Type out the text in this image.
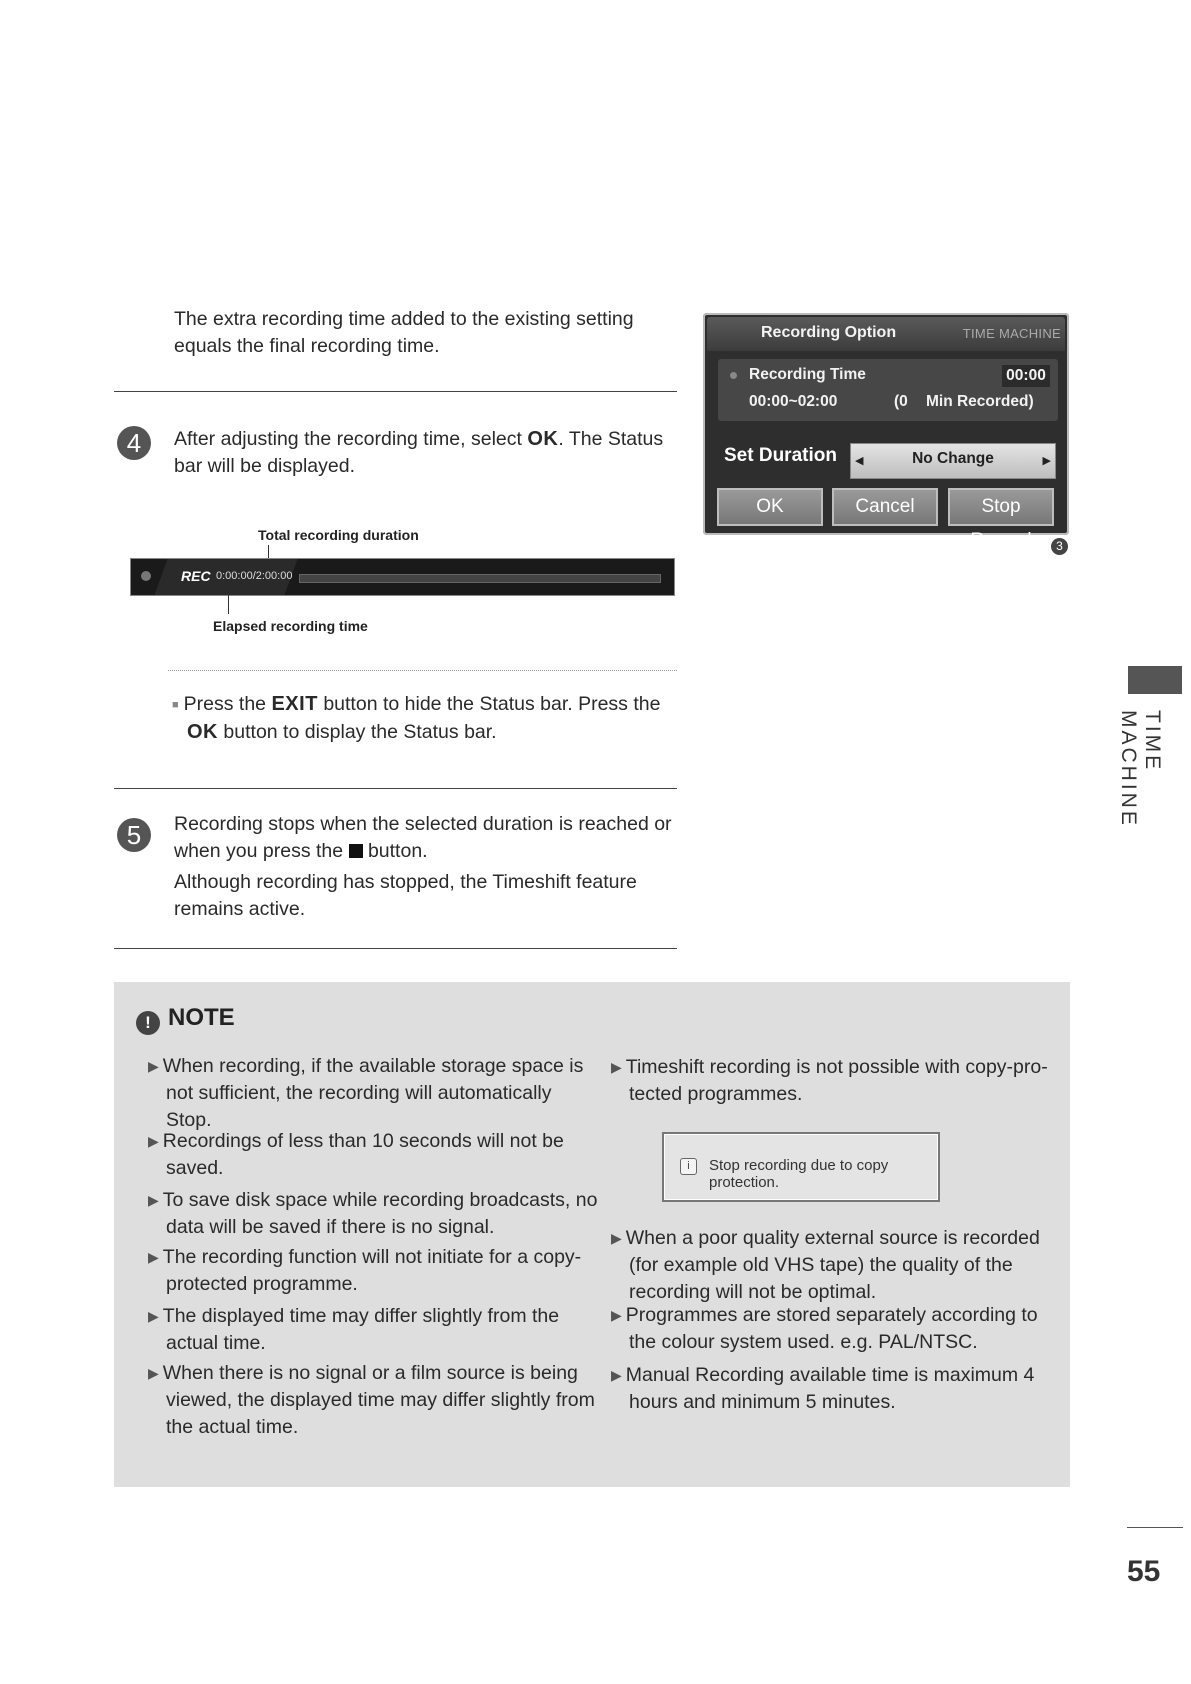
The extra recording time added to the existing setting
equals the final recording time.
4	After adjusting the recording time, select OK. The Status
bar will be displayed.
Total recording duration
REC 0:00:00/2:00:00
Elapsed recording time
■ Press the EXIT button to hide the Status bar. Press the
OK button to display the Status bar.
5	Recording stops when the selected duration is reached or
when you press the  button.
Although recording has stopped, the Timeshift feature
remains active.
Recording Option	TIME MACHINE
Recording Time	00:00
00:00~02:00	(0 Min Recorded)
Set Duration ◀	No Change	▶
OK	Cancel	Stop Record	3
TIME MACHINE
! NOTE
▶ When recording, if the available storage space is
not sufficient, the recording will automatically
Stop.
▶ Recordings of less than 10 seconds will not be
saved.
▶ To save disk space while recording broadcasts, no
data will be saved if there is no signal.
▶ The recording function will not initiate for a copy-
protected programme.
▶ The displayed time may differ slightly from the
actual time.
▶ When there is no signal or a film source is being
viewed, the displayed time may differ slightly from
the actual time.
▶ When a poor quality external source is recorded
(for example old VHS tape) the quality of the
recording will not be optimal.
▶ Programmes are stored separately according to
the colour system used. e.g. PAL/NTSC.
▶ Manual Recording available time is maximum 4
hours and minimum 5 minutes.
▶ Timeshift recording is not possible with copy-pro-
tected programmes.
i	Stop recording due to copy protection.
55
